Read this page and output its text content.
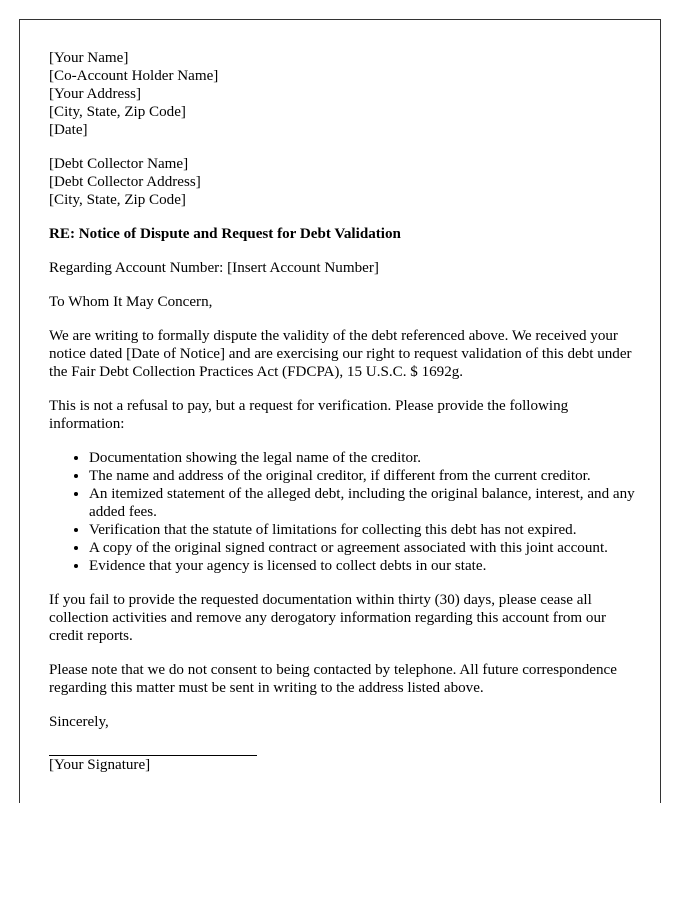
[Your Name]
[Co-Account Holder Name]
[Your Address]
[City, State, Zip Code]
[Date]
[Debt Collector Name]
[Debt Collector Address]
[City, State, Zip Code]

RE: Notice of Dispute and Request for Debt Validation

Regarding Account Number: [Insert Account Number]

To Whom It May Concern,

We are writing to formally dispute the validity of the debt referenced above. We received your notice dated [Date of Notice] and are exercising our right to request validation of this debt under the Fair Debt Collection Practices Act (FDCPA), 15 U.S.C. $ 1692g.

This is not a refusal to pay, but a request for verification. Please provide the following information:

• Documentation showing the legal name of the creditor.
• The name and address of the original creditor, if different from the current creditor.
• An itemized statement of the alleged debt, including the original balance, interest, and any added fees.
• Verification that the statute of limitations for collecting this debt has not expired.
• A copy of the original signed contract or agreement associated with this joint account.
• Evidence that your agency is licensed to collect debts in our state.

If you fail to provide the requested documentation within thirty (30) days, please cease all collection activities and remove any derogatory information regarding this account from our credit reports.

Please note that we do not consent to being contacted by telephone. All future correspondence regarding this matter must be sent in writing to the address listed above.

Sincerely,
[Your Signature]
